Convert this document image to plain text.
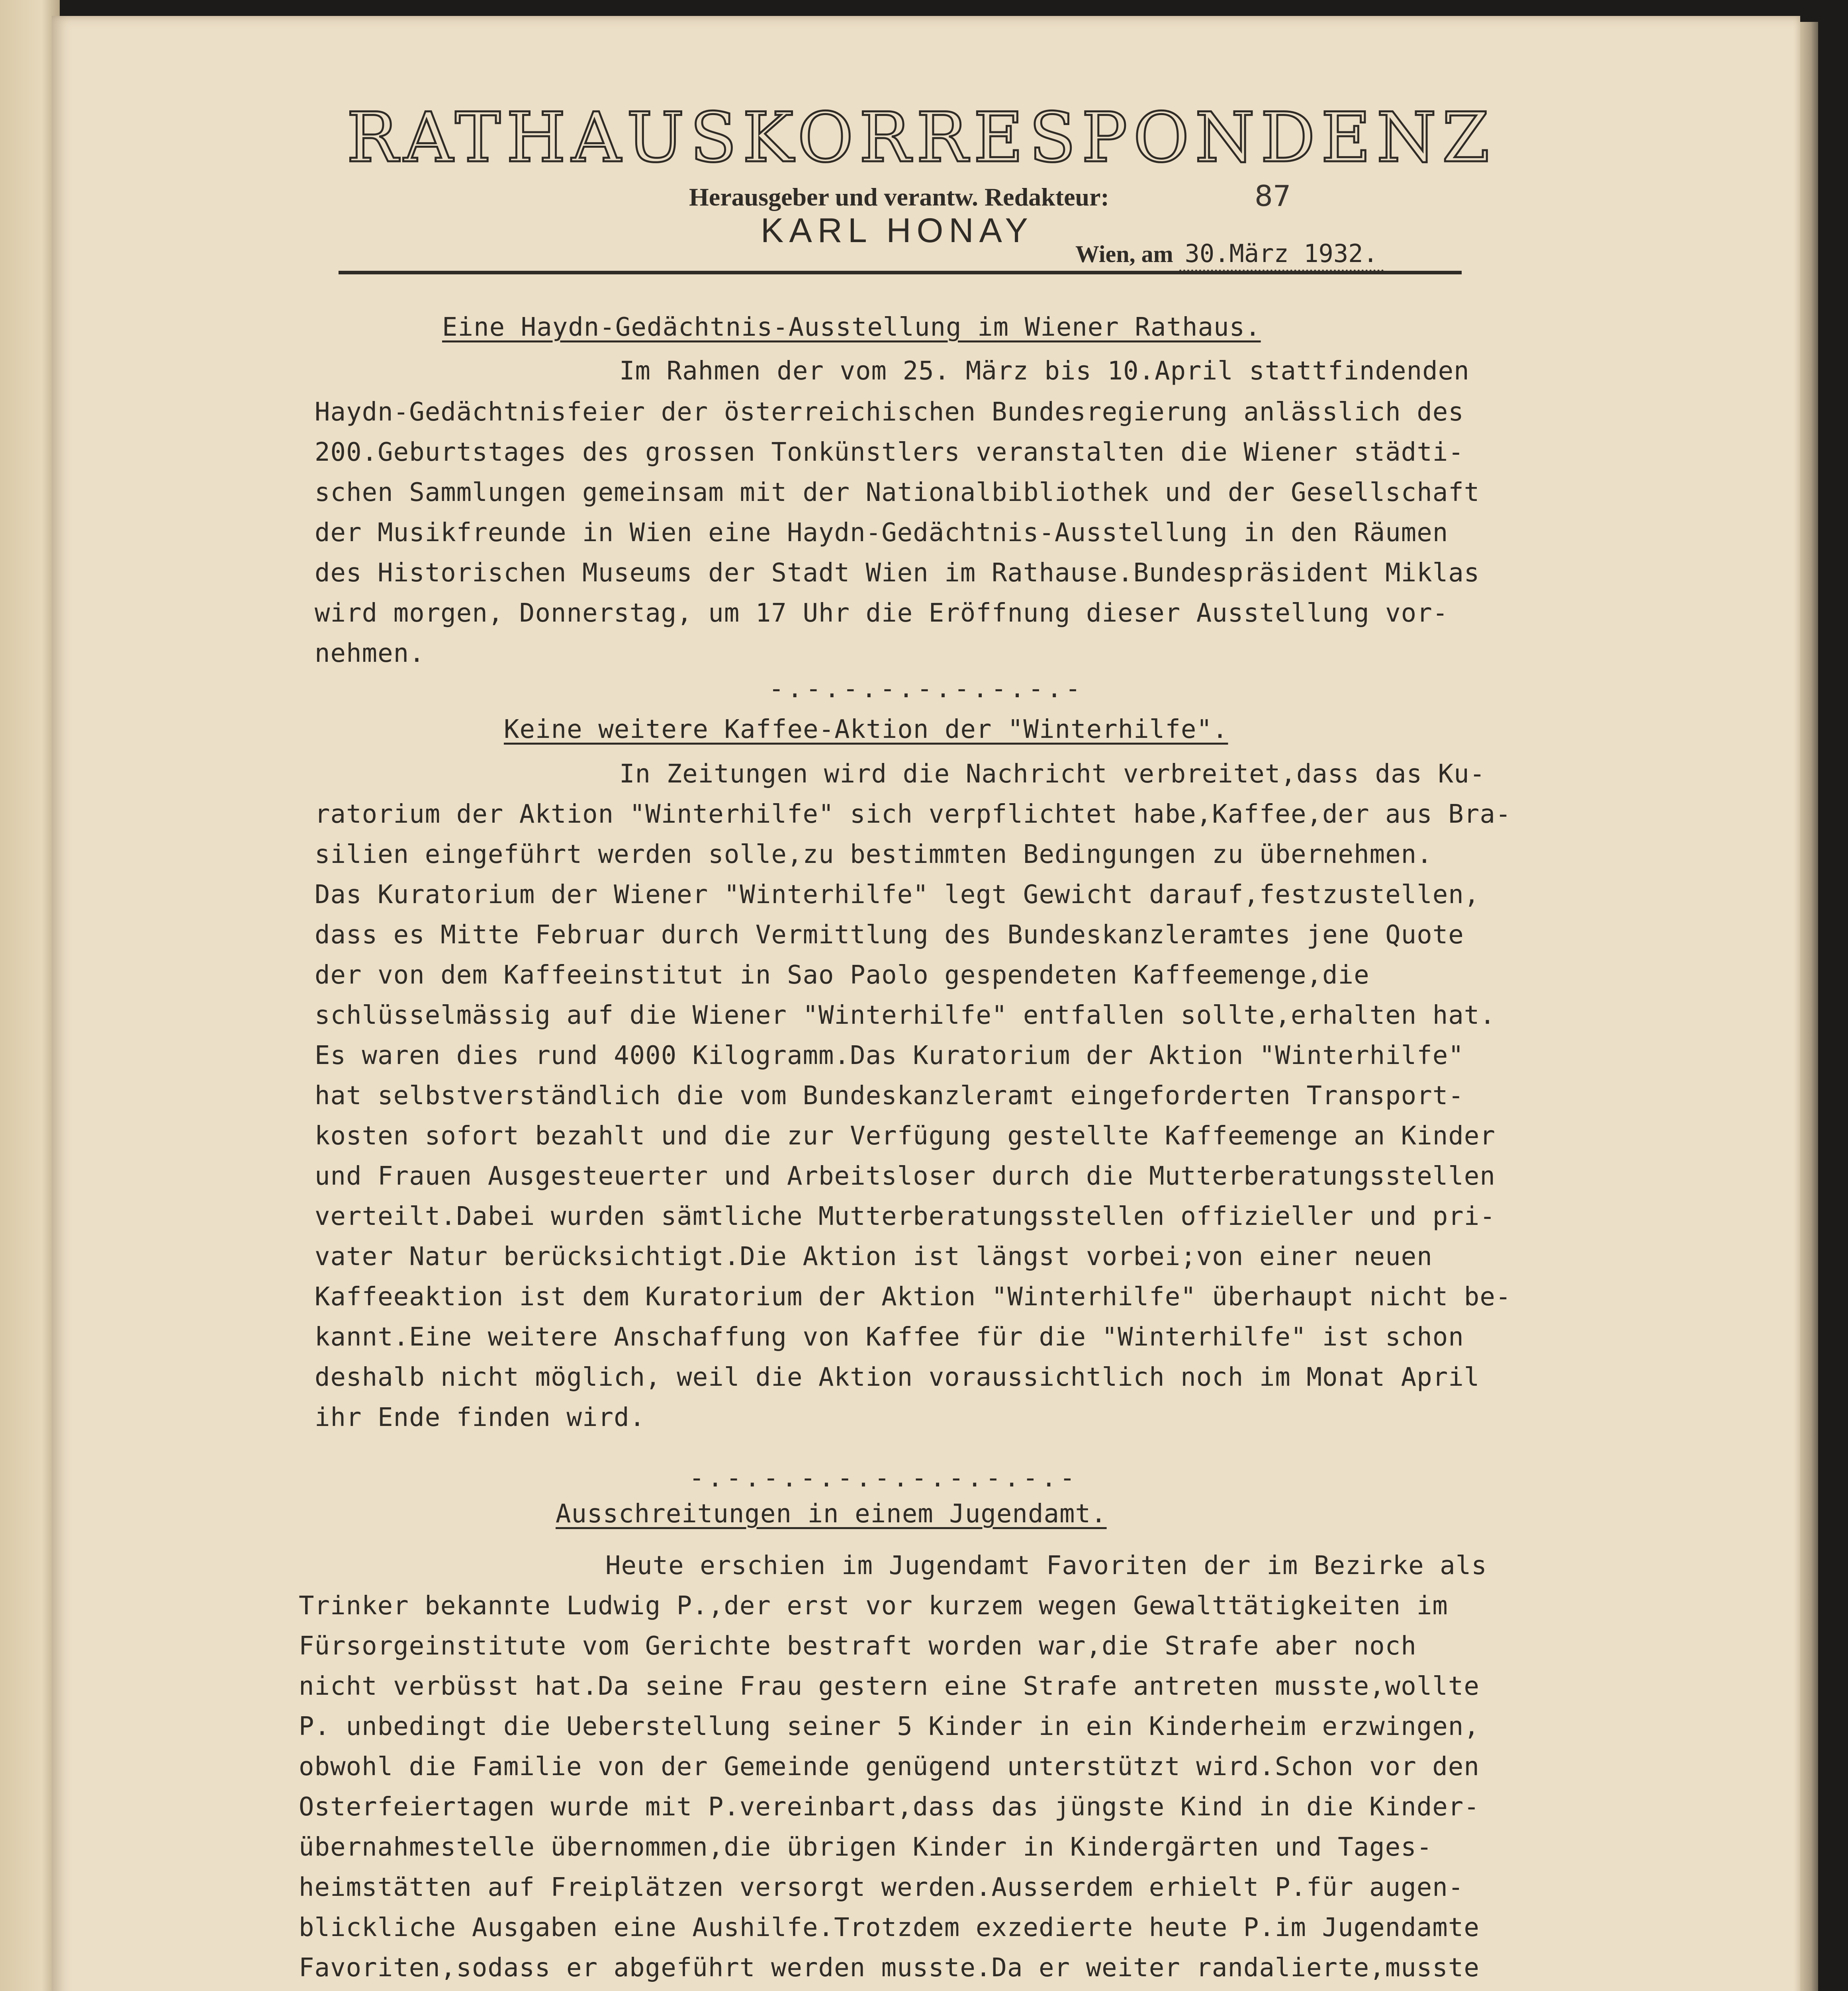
RATHAUSKORRESPONDENZ
Herausgeber und verantw. Redakteur:
KARL HONAY
87
Wien, am 30.März 1932.
Eine Haydn-Gedächtnis-Ausstellung im Wiener Rathaus.
Im Rahmen der vom 25. März bis 10.April stattfindenden
Haydn-Gedächtnisfeier der österreichischen Bundesregierung anlässlich des
200.Geburtstages des grossen Tonkünstlers veranstalten die Wiener städti-
schen Sammlungen gemeinsam mit der Nationalbibliothek und der Gesellschaft
der Musikfreunde in Wien eine Haydn-Gedächtnis-Ausstellung in den Räumen
des Historischen Museums der Stadt Wien im Rathause.Bundespräsident Miklas
wird morgen, Donnerstag, um 17 Uhr die Eröffnung dieser Ausstellung vor-
nehmen.
-.-.-.-.-.-.-.-.-
Keine weitere Kaffee-Aktion der "Winterhilfe".
In Zeitungen wird die Nachricht verbreitet,dass das Ku-
ratorium der Aktion "Winterhilfe" sich verpflichtet habe,Kaffee,der aus Bra-
silien eingeführt werden solle,zu bestimmten Bedingungen zu übernehmen.
Das Kuratorium der Wiener "Winterhilfe" legt Gewicht darauf,festzustellen,
dass es Mitte Februar durch Vermittlung des Bundeskanzleramtes jene Quote
der von dem Kaffeeinstitut in Sao Paolo gespendeten Kaffeemenge,die
schlüsselmässig auf die Wiener "Winterhilfe" entfallen sollte,erhalten hat.
Es waren dies rund 4000 Kilogramm.Das Kuratorium der Aktion "Winterhilfe"
hat selbstverständlich die vom Bundeskanzleramt eingeforderten Transport-
kosten sofort bezahlt und die zur Verfügung gestellte Kaffeemenge an Kinder
und Frauen Ausgesteuerter und Arbeitsloser durch die Mutterberatungsstellen
verteilt.Dabei wurden sämtliche Mutterberatungsstellen offizieller und pri-
vater Natur berücksichtigt.Die Aktion ist längst vorbei;von einer neuen
Kaffeeaktion ist dem Kuratorium der Aktion "Winterhilfe" überhaupt nicht be-
kannt.Eine weitere Anschaffung von Kaffee für die "Winterhilfe" ist schon
deshalb nicht möglich, weil die Aktion voraussichtlich noch im Monat April
ihr Ende finden wird.
-.-.-.-.-.-.-.-.-.-.-
Ausschreitungen in einem Jugendamt.
Heute erschien im Jugendamt Favoriten der im Bezirke als
Trinker bekannte Ludwig P.,der erst vor kurzem wegen Gewalttätigkeiten im
Fürsorgeinstitute vom Gerichte bestraft worden war,die Strafe aber noch
nicht verbüsst hat.Da seine Frau gestern eine Strafe antreten musste,wollte
P. unbedingt die Ueberstellung seiner 5 Kinder in ein Kinderheim erzwingen,
obwohl die Familie von der Gemeinde genügend unterstützt wird.Schon vor den
Osterfeiertagen wurde mit P.vereinbart,dass das jüngste Kind in die Kinder-
übernahmestelle übernommen,die übrigen Kinder in Kindergärten und Tages-
heimstätten auf Freiplätzen versorgt werden.Ausserdem erhielt P.für augen-
blickliche Ausgaben eine Aushilfe.Trotzdem exzedierte heute P.im Jugendamte
Favoriten,sodass er abgeführt werden musste.Da er weiter randalierte,musste
